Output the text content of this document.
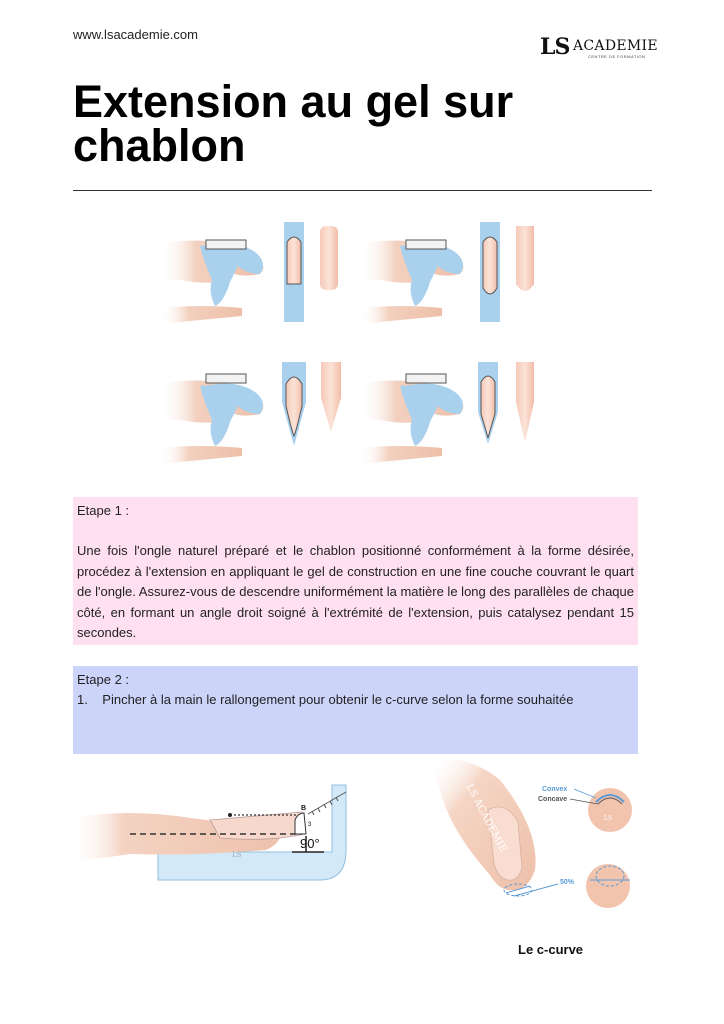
www.lsacademie.com	LS ACADEMIE
CENTRE DE FORMATION
Extension au gel sur chablon
Etape 1 :
Une fois l'ongle naturel préparé et le chablon positionné conformément à la forme désirée, procédez à l'extension en appliquant le gel de construction en une fine couche couvrant le quart de l'ongle. Assurez-vous de descendre uniformément la matière le long des parallèles de chaque côté, en formant un angle droit soigné à l'extrémité de l'extension, puis catalysez pendant 15 secondes.
Etape 2 :
1.    Pincher à la main le rallongement pour obtenir le c-curve selon la forme souhaitée
90°
B
3
LS
LS ACADEMIE	Convex
Concave
LS
50%
Le c-curve
